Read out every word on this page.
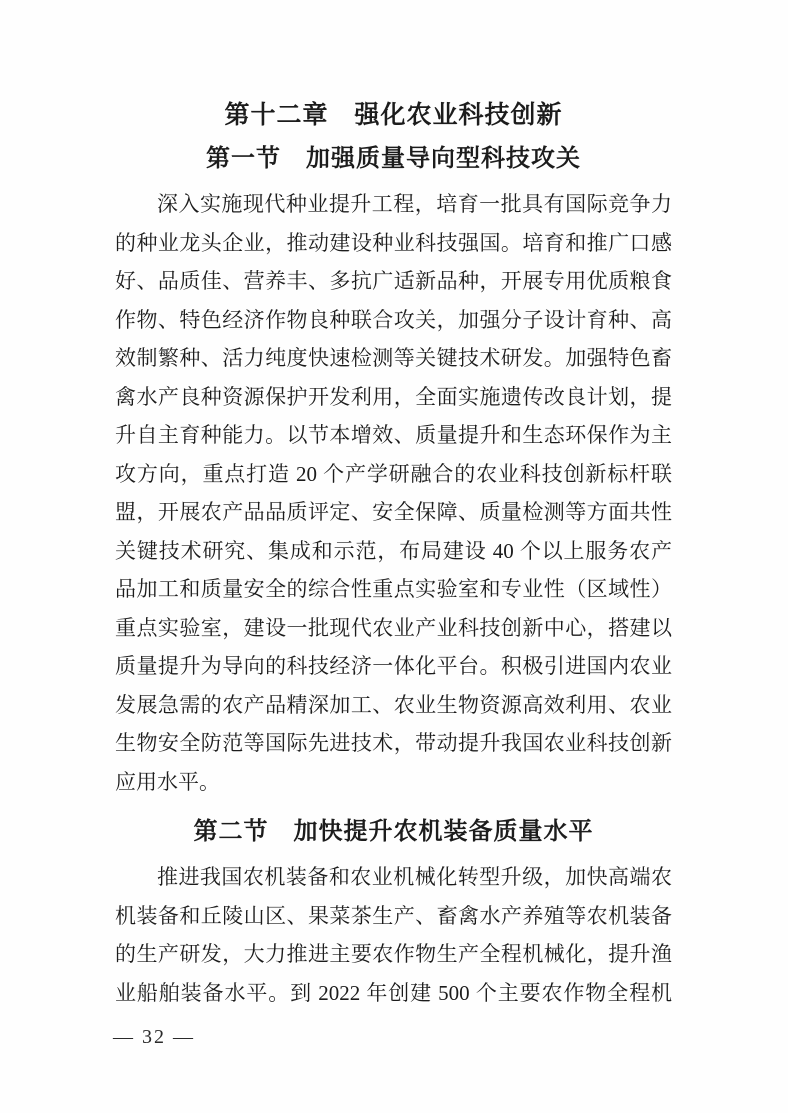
第十二章　强化农业科技创新
第一节　加强质量导向型科技攻关
深入实施现代种业提升工程，培育一批具有国际竞争力
的种业龙头企业，推动建设种业科技强国。培育和推广口感
好、品质佳、营养丰、多抗广适新品种，开展专用优质粮食
作物、特色经济作物良种联合攻关，加强分子设计育种、高
效制繁种、活力纯度快速检测等关键技术研发。加强特色畜
禽水产良种资源保护开发利用，全面实施遗传改良计划，提
升自主育种能力。以节本增效、质量提升和生态环保作为主
攻方向，重点打造 20 个产学研融合的农业科技创新标杆联
盟，开展农产品品质评定、安全保障、质量检测等方面共性
关键技术研究、集成和示范，布局建设 40 个以上服务农产
品加工和质量安全的综合性重点实验室和专业性（区域性）
重点实验室，建设一批现代农业产业科技创新中心，搭建以
质量提升为导向的科技经济一体化平台。积极引进国内农业
发展急需的农产品精深加工、农业生物资源高效利用、农业
生物安全防范等国际先进技术，带动提升我国农业科技创新
应用水平。
第二节　加快提升农机装备质量水平
推进我国农机装备和农业机械化转型升级，加快高端农
机装备和丘陵山区、果菜茶生产、畜禽水产养殖等农机装备
的生产研发，大力推进主要农作物生产全程机械化，提升渔
业船舶装备水平。到 2022 年创建 500 个主要农作物全程机
— 32 —
